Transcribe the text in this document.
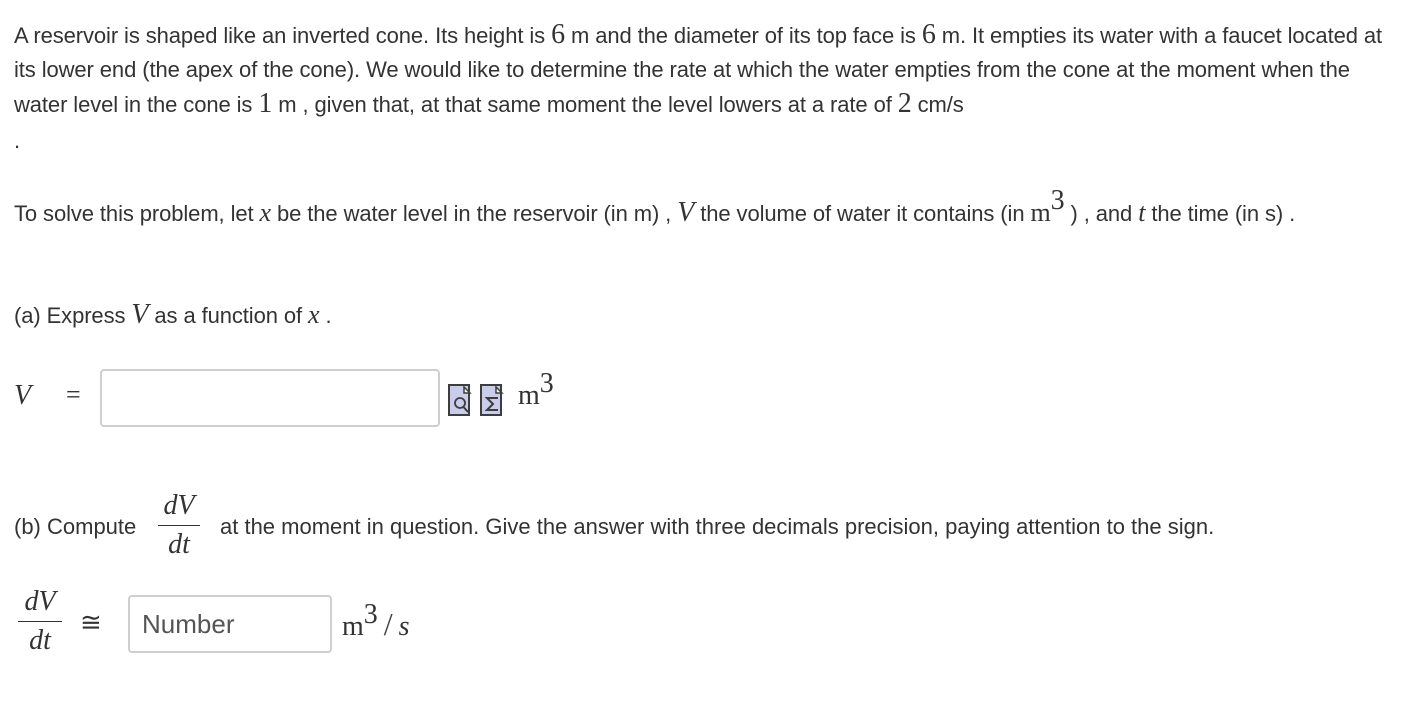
A reservoir is shaped like an inverted cone. Its height is 6 m and the diameter of its top face is 6 m. It empties its water with a faucet located at its lower end (the apex of the cone). We would like to determine the rate at which the water empties from the cone at the moment when the water level in the cone is 1 m , given that, at that same moment the level lowers at a rate of 2 cm/s
.
To solve this problem, let x be the water level in the reservoir (in m) , V the volume of water it contains (in $m^3$ ) , and t the time (in s) .
(a) Express V as a function of x .
V =	$m^3$
(b) Compute
dV
dt
at the moment in question. Give the answer with three decimals precision, paying attention to the sign.
dV
dt
≅
Number	$m^3$ / s
